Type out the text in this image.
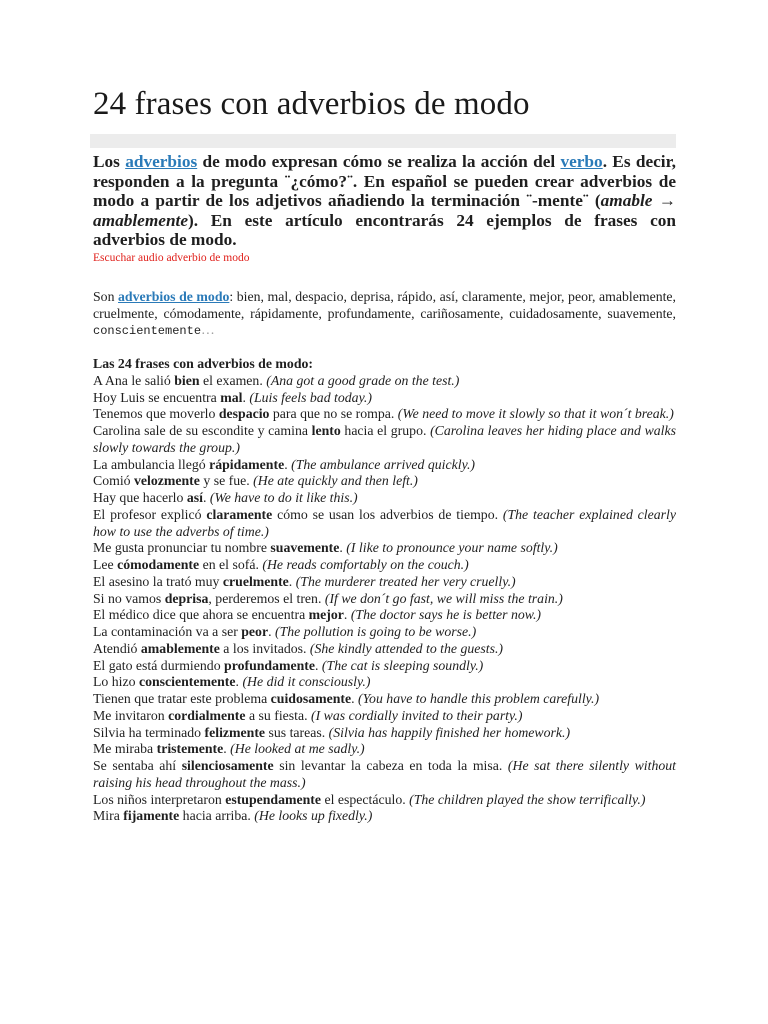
24 frases con adverbios de modo

Los adverbios de modo expresan cómo se realiza la acción del verbo. Es decir, responden a la pregunta ¨¿cómo?¨. En español se pueden crear adverbios de modo a partir de los adjetivos añadiendo la terminación ¨-mente¨ (amable → amablemente). En este artículo encontrarás 24 ejemplos de frases con adverbios de modo.

Escuchar audio adverbio de modo

Son adverbios de modo: bien, mal, despacio, deprisa, rápido, así, claramente, mejor, peor, amablemente, cruelmente, cómodamente, rápidamente, profundamente, cariñosamente, cuidadosamente, suavemente, conscientemente…

Las 24 frases con adverbios de modo:
A Ana le salió bien el examen. (Ana got a good grade on the test.)
Hoy Luis se encuentra mal. (Luis feels bad today.)
Tenemos que moverlo despacio para que no se rompa. (We need to move it slowly so that it won´t break.)
Carolina sale de su escondite y camina lento hacia el grupo. (Carolina leaves her hiding place and walks slowly towards the group.)
La ambulancia llegó rápidamente. (The ambulance arrived quickly.)
Comió velozmente y se fue. (He ate quickly and then left.)
Hay que hacerlo así. (We have to do it like this.)
El profesor explicó claramente cómo se usan los adverbios de tiempo. (The teacher explained clearly how to use the adverbs of time.)
Me gusta pronunciar tu nombre suavemente. (I like to pronounce your name softly.)
Lee cómodamente en el sofá. (He reads comfortably on the couch.)
El asesino la trató muy cruelmente. (The murderer treated her very cruelly.)
Si no vamos deprisa, perderemos el tren. (If we don´t go fast, we will miss the train.)
El médico dice que ahora se encuentra mejor. (The doctor says he is better now.)
La contaminación va a ser peor. (The pollution is going to be worse.)
Atendió amablemente a los invitados. (She kindly attended to the guests.)
El gato está durmiendo profundamente. (The cat is sleeping soundly.)
Lo hizo conscientemente. (He did it consciously.)
Tienen que tratar este problema cuidosamente. (You have to handle this problem carefully.)
Me invitaron cordialmente a su fiesta. (I was cordially invited to their party.)
Silvia ha terminado felizmente sus tareas. (Silvia has happily finished her homework.)
Me miraba tristemente. (He looked at me sadly.)
Se sentaba ahí silenciosamente sin levantar la cabeza en toda la misa. (He sat there silently without raising his head throughout the mass.)
Los niños interpretaron estupendamente el espectáculo. (The children played the show terrifically.)
Mira fijamente hacia arriba. (He looks up fixedly.)
